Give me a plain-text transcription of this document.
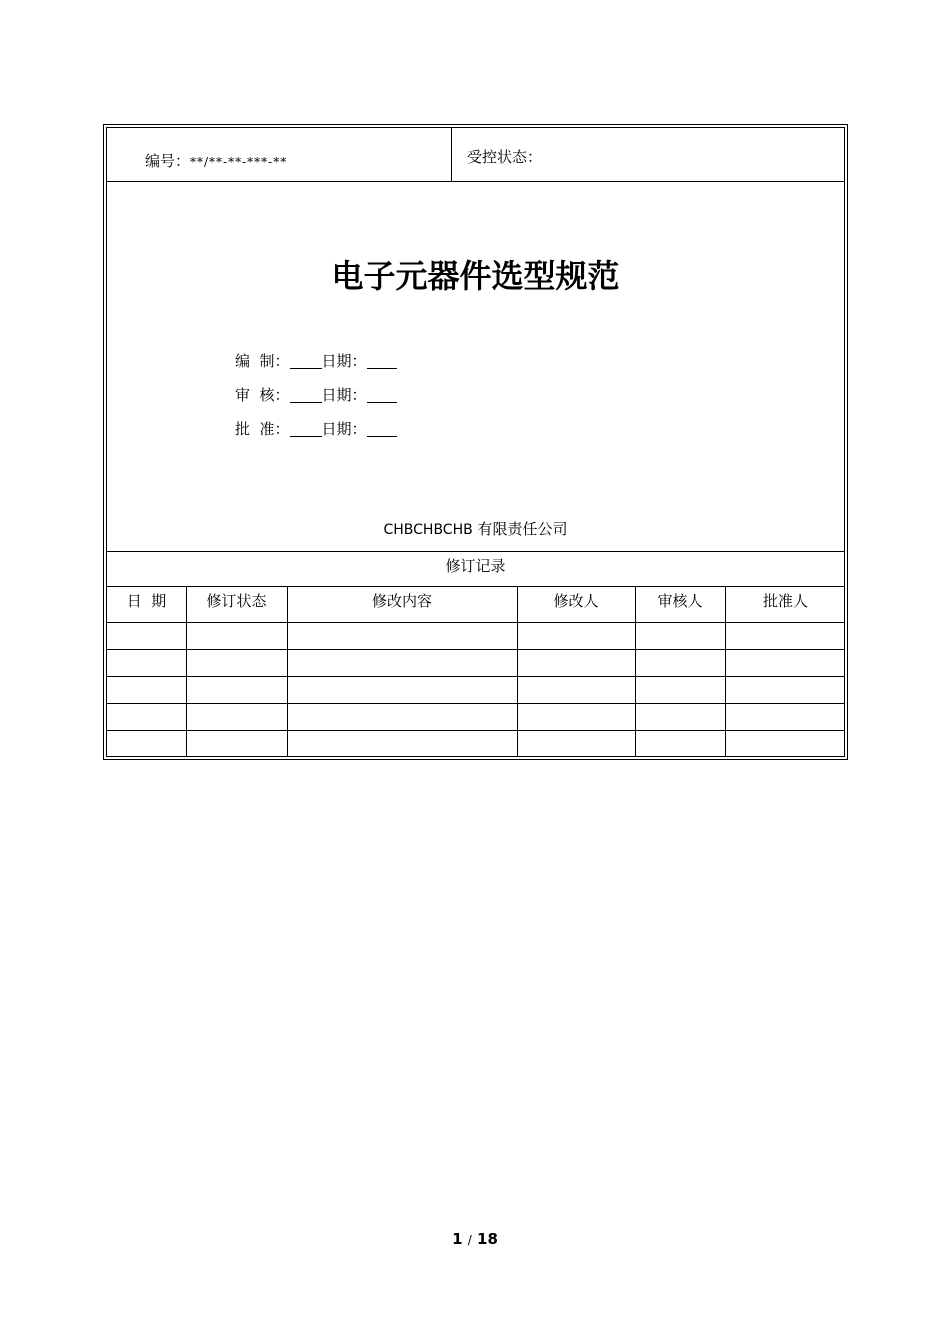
编号：**/**-**-***-**	受控状态：
电子元器件选型规范
编  制： 日期：
审  核： 日期：
批  准： 日期：
CHBCHBCHB 有限责任公司
修订记录
日  期	修订状态	修改内容	修改人	审核人	批准人
1 / 18
